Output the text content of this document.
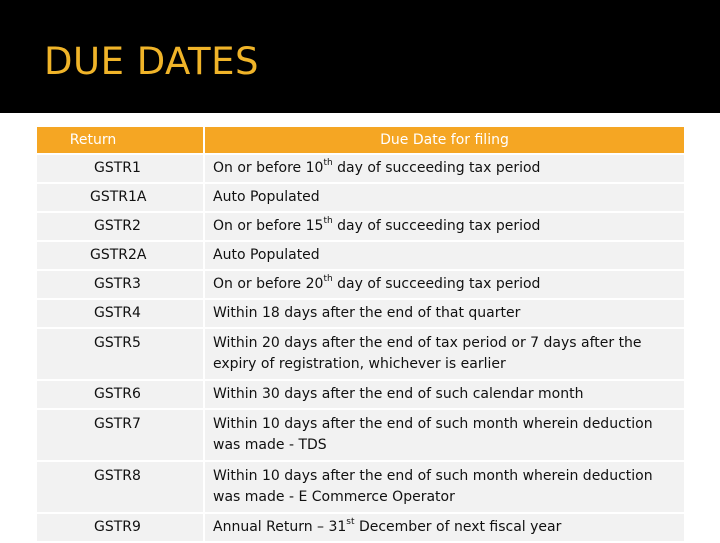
DUE DATES
Return	Due Date for filing
GSTR1	On or before 10th day of succeeding tax period
GSTR1A	Auto Populated
GSTR2	On or before 15th day of succeeding tax period
GSTR2A	Auto Populated
GSTR3	On or before 20th day of succeeding tax period
GSTR4	Within 18 days after the end of that quarter
GSTR5	Within 20 days after the end of tax period or 7 days after the expiry of registration, whichever is earlier
GSTR6	Within 30 days after the end of such calendar month
GSTR7	Within 10 days after the end of such month wherein deduction was made - TDS
GSTR8	Within 10 days after the end of such month wherein deduction was made - E Commerce Operator
GSTR9	Annual Return – 31st December of next fiscal year
